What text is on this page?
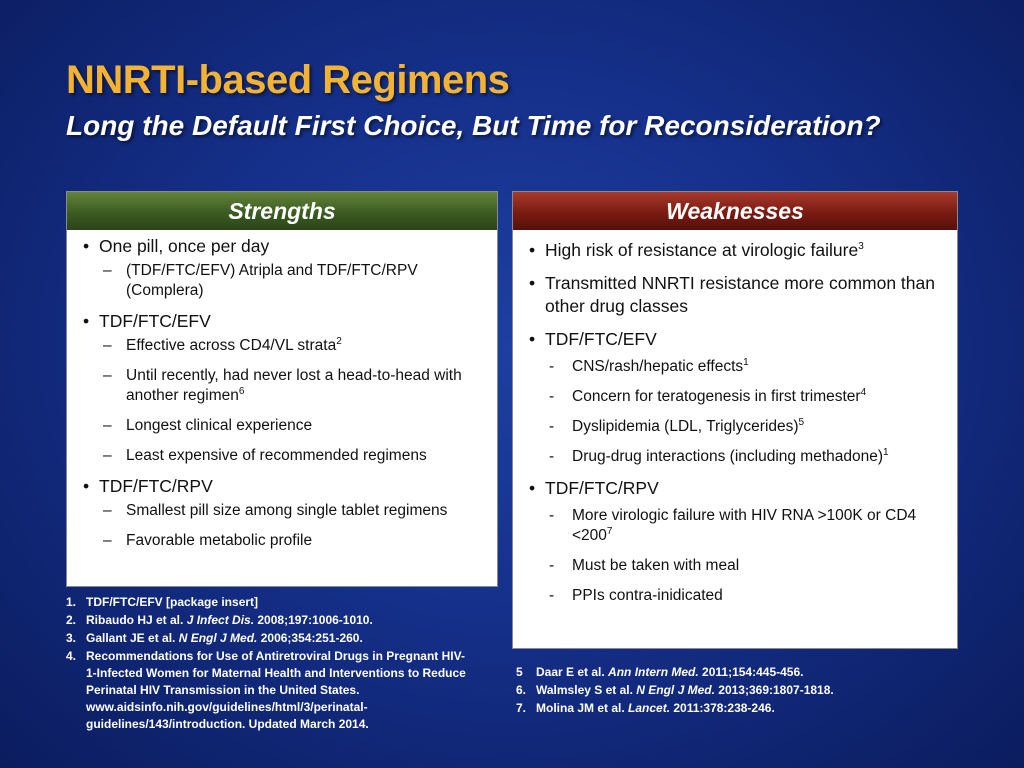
NNRTI-based Regimens
Long the Default First Choice, But Time for Reconsideration?
Strengths
• One pill, once per day
– (TDF/FTC/EFV) Atripla and TDF/FTC/RPV (Complera)
• TDF/FTC/EFV
– Effective across CD4/VL strata$^2$
– Until recently, had never lost a head-to-head with another regimen$^6$
– Longest clinical experience
– Least expensive of recommended regimens
• TDF/FTC/RPV
– Smallest pill size among single tablet regimens
– Favorable metabolic profile
Weaknesses
• High risk of resistance at virologic failure$^3$
• Transmitted NNRTI resistance more common than other drug classes
• TDF/FTC/EFV
- CNS/rash/hepatic effects$^1$
- Concern for teratogenesis in first trimester$^4$
- Dyslipidemia (LDL, Triglycerides)$^5$
- Drug-drug interactions (including methadone)$^1$
• TDF/FTC/RPV
- More virologic failure with HIV RNA >100K or $CD4 <200^7$
- Must be taken with meal
- PPIs contra-inidicated
1. TDF/FTC/EFV [package insert]
2. Ribaudo HJ et al. J Infect Dis. 2008;197:1006-1010.
3. Gallant JE et al. N Engl J Med. 2006;354:251-260.
4. Recommendations for Use of Antiretroviral Drugs in Pregnant HIV-1-Infected Women for Maternal Health and Interventions to Reduce Perinatal HIV Transmission in the United States. www.aidsinfo.nih.gov/guidelines/html/3/perinatal-guidelines/143/introduction. Updated March 2014.
5 Daar E et al. Ann Intern Med. 2011;154:445-456.
6. Walmsley S et al. N Engl J Med. 2013;369:1807-1818.
7. Molina JM et al. Lancet. 2011:378:238-246.
